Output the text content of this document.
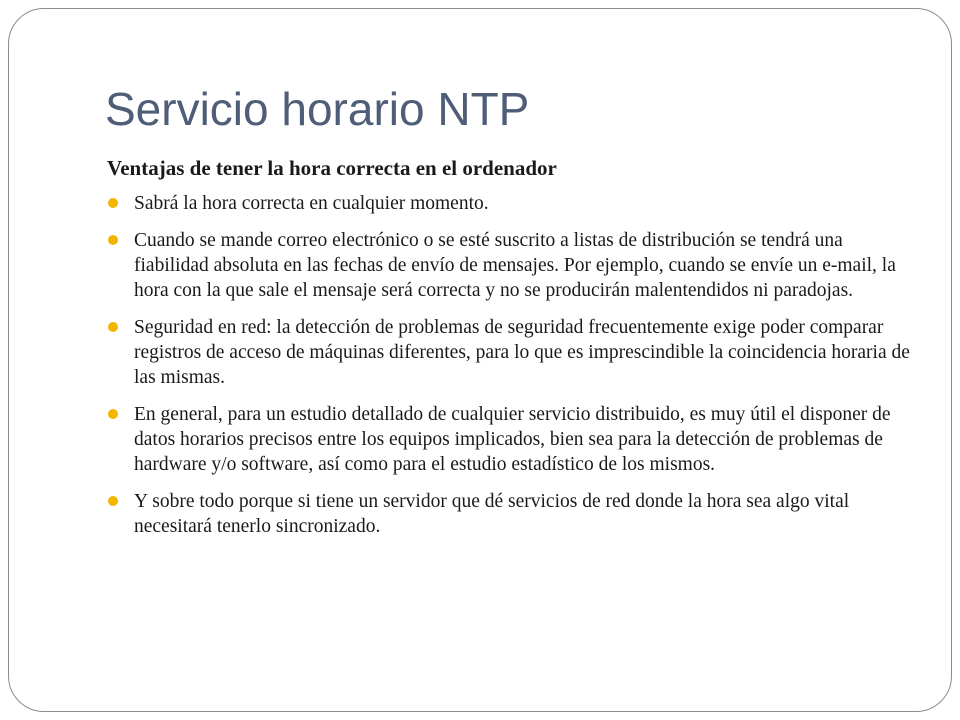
Servicio horario NTP

Ventajas de tener la hora correcta en el ordenador

Sabrá la hora correcta en cualquier momento.
Cuando se mande correo electrónico o se esté suscrito a listas de distribución se tendrá una fiabilidad absoluta en las fechas de envío de mensajes. Por ejemplo, cuando se envíe un e-mail, la hora con la que sale el mensaje será correcta y no se producirán malentendidos ni paradojas.
Seguridad en red: la detección de problemas de seguridad frecuentemente exige poder comparar registros de acceso de máquinas diferentes, para lo que es imprescindible la coincidencia horaria de las mismas.
En general, para un estudio detallado de cualquier servicio distribuido, es muy útil el disponer de datos horarios precisos entre los equipos implicados, bien sea para la detección de problemas de hardware y/o software, así como para el estudio estadístico de los mismos.
Y sobre todo porque si tiene un servidor que dé servicios de red donde la hora sea algo vital necesitará tenerlo sincronizado.
